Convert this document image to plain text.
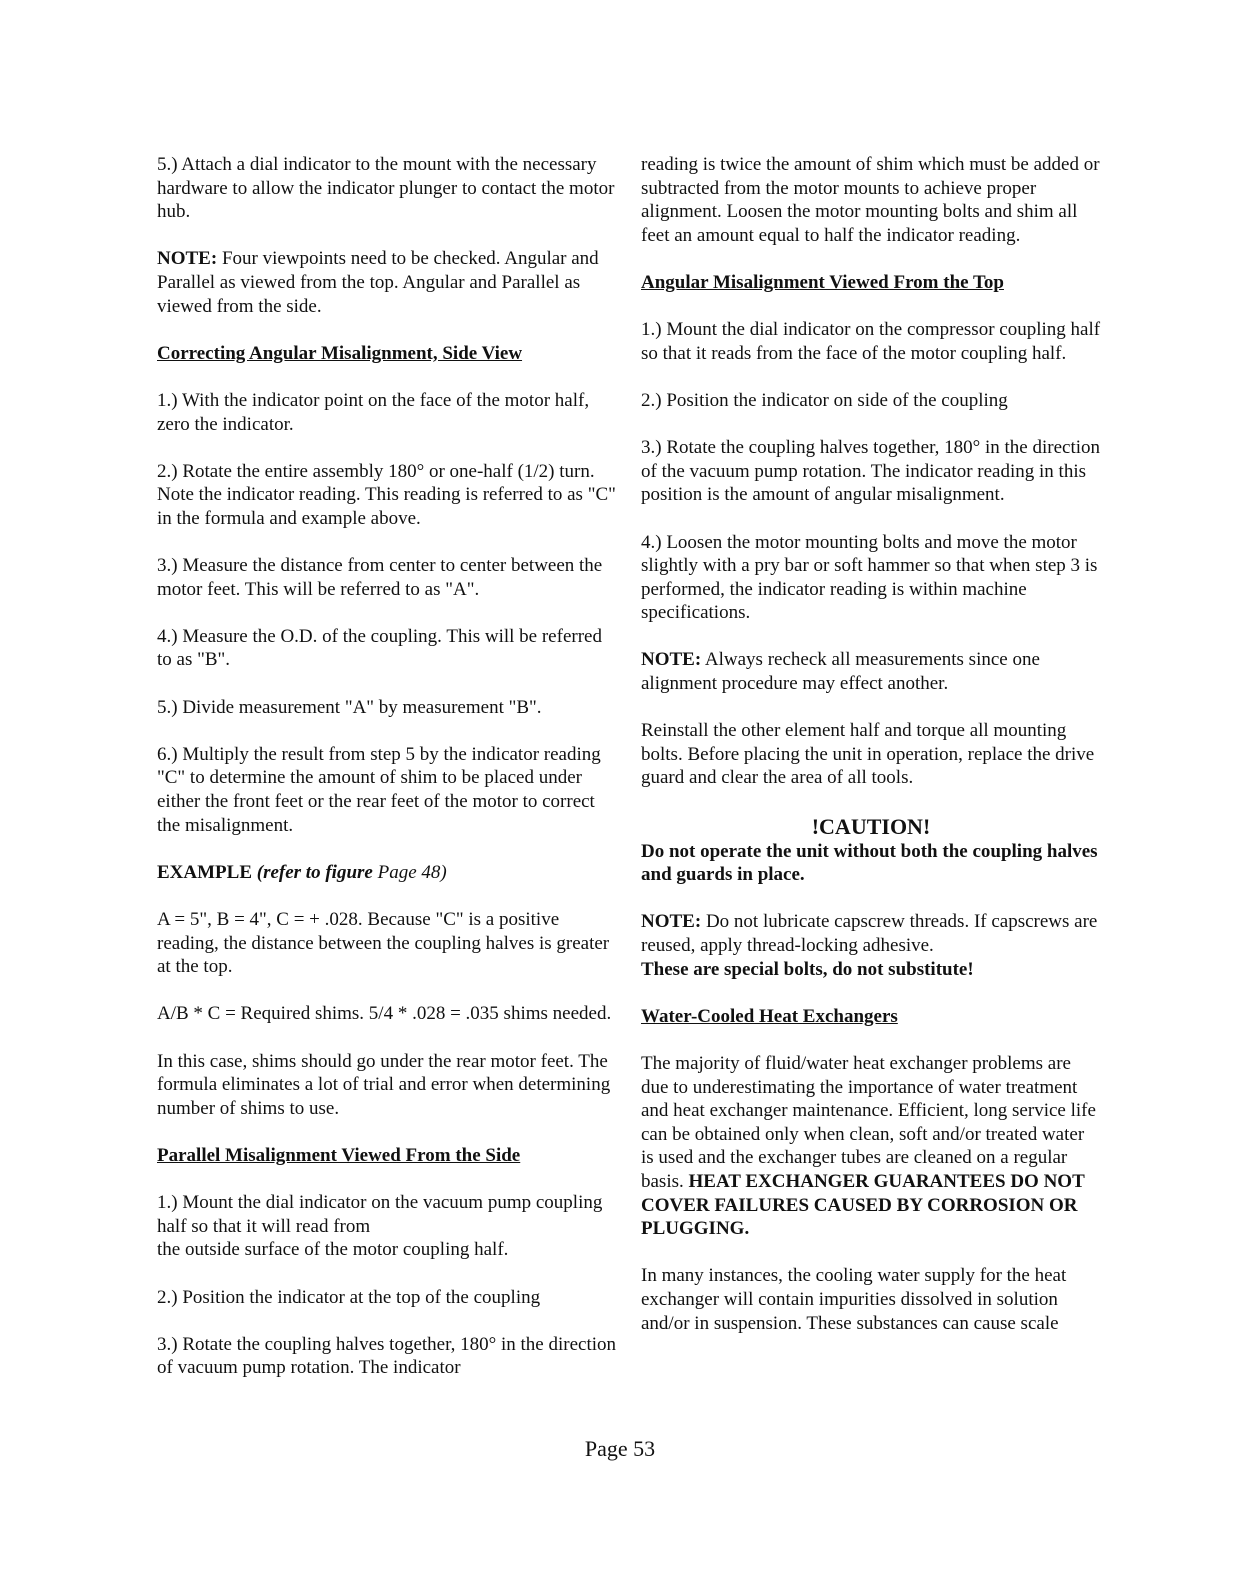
5.) Attach a dial indicator to the mount with the necessary hardware to allow the indicator plunger to contact the motor hub.

NOTE: Four viewpoints need to be checked. Angular and Parallel as viewed from the top. Angular and Parallel as viewed from the side.

Correcting Angular Misalignment, Side View

1.) With the indicator point on the face of the motor half, zero the indicator.

2.) Rotate the entire assembly 180° or one-half (1/2) turn. Note the indicator reading. This reading is referred to as "C" in the formula and example above.

3.) Measure the distance from center to center between the motor feet. This will be referred to as "A".

4.) Measure the O.D. of the coupling. This will be referred to as "B".

5.) Divide measurement "A" by measurement "B".

6.) Multiply the result from step 5 by the indicator reading "C" to determine the amount of shim to be placed under either the front feet or the rear feet of the motor to correct the misalignment.

EXAMPLE (refer to figure Page 48)

A = 5", B = 4", C = + .028. Because "C" is a positive reading, the distance between the coupling halves is greater at the top.

A/B * C = Required shims. 5/4 * .028 = .035 shims needed.

In this case, shims should go under the rear motor feet. The formula eliminates a lot of trial and error when determining number of shims to use.

Parallel Misalignment Viewed From the Side

1.) Mount the dial indicator on the vacuum pump coupling half so that it will read from
the outside surface of the motor coupling half.

2.) Position the indicator at the top of the coupling

3.) Rotate the coupling halves together, 180° in the direction of vacuum pump rotation. The indicator

reading is twice the amount of shim which must be added or subtracted from the motor mounts to achieve proper alignment. Loosen the motor mounting bolts and shim all feet an amount equal to half the indicator reading.

Angular Misalignment Viewed From the Top

1.) Mount the dial indicator on the compressor coupling half so that it reads from the face of the motor coupling half.

2.) Position the indicator on side of the coupling

3.) Rotate the coupling halves together, 180° in the direction of the vacuum pump rotation. The indicator reading in this position is the amount of angular misalignment.

4.) Loosen the motor mounting bolts and move the motor slightly with a pry bar or soft hammer so that when step 3 is performed, the indicator reading is within machine specifications.

NOTE: Always recheck all measurements since one alignment procedure may effect another.

Reinstall the other element half and torque all mounting bolts. Before placing the unit in operation, replace the drive guard and clear the area of all tools.

!CAUTION!

Do not operate the unit without both the coupling halves and guards in place.

NOTE: Do not lubricate capscrew threads. If capscrews are reused, apply thread-locking adhesive.
These are special bolts, do not substitute!

Water-Cooled Heat Exchangers

The majority of fluid/water heat exchanger problems are due to underestimating the importance of water treatment and heat exchanger maintenance. Efficient, long service life can be obtained only when clean, soft and/or treated water is used and the exchanger tubes are cleaned on a regular basis. HEAT EXCHANGER GUARANTEES DO NOT COVER FAILURES CAUSED BY CORROSION OR PLUGGING.

In many instances, the cooling water supply for the heat exchanger will contain impurities dissolved in solution and/or in suspension. These substances can cause scale

Page 53
